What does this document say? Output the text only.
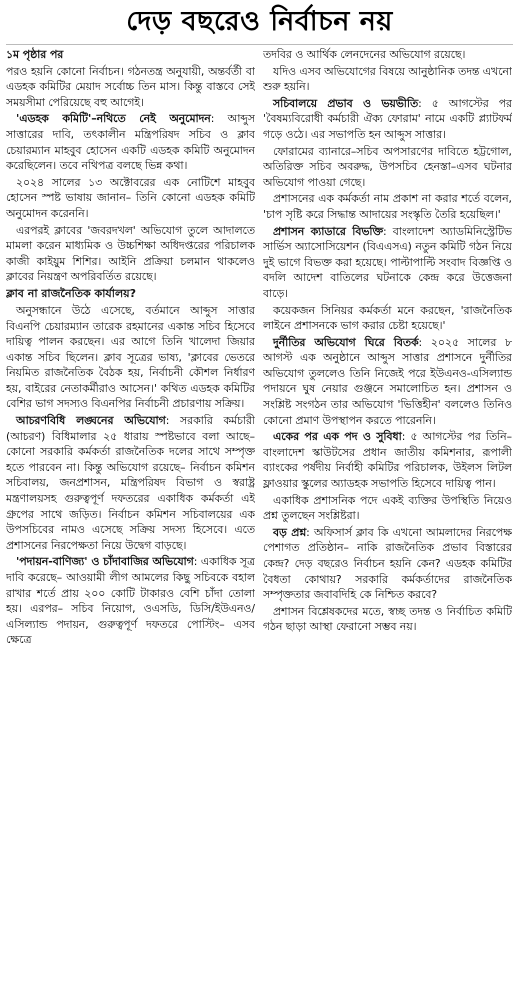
দেড় বছরেও নির্বাচন নয়

১ম পৃষ্ঠার পর

পরও হয়নি কোনো নির্বাচন। গঠনতন্ত্র অনুযায়ী, অন্তর্বর্তী বা এডহক কমিটির মেয়াদ সর্বোচ্চ তিন মাস। কিন্তু বাস্তবে সেই সময়সীমা পেরিয়েছে বহু আগেই।

'এডহক কমিটি'–নথিতে নেই অনুমোদন: আব্দুস সাত্তারের দাবি, তৎকালীন মন্ত্রিপরিষদ সচিব ও ক্লাব চেয়ারম্যান মাহবুব হোসেন একটি এডহক কমিটি অনুমোদন করেছিলেন। তবে নথিপত্র বলছে ভিন্ন কথা।

২০২৪ সালের ১৩ অক্টোবরের এক নোটিশে মাহবুব হোসেন স্পষ্ট ভাষায় জানান– তিনি কোনো এডহক কমিটি অনুমোদন করেননি।

এরপরই ক্লাবের 'জবরদখল' অভিযোগ তুলে আদালতে মামলা করেন মাধ্যমিক ও উচ্চশিক্ষা অধিদপ্তরের পরিচালক কাজী কাইয়ুম শিশির। আইনি প্রক্রিয়া চলমান থাকলেও ক্লাবের নিয়ন্ত্রণ অপরিবর্তিত রয়েছে।

ক্লাব না রাজনৈতিক কার্যালয়?

অনুসন্ধানে উঠে এসেছে, বর্তমানে আব্দুস সাত্তার বিএনপি চেয়ারম্যান তারেক রহমানের একান্ত সচিব হিসেবে দায়িত্ব পালন করছেন। এর আগে তিনি খালেদা জিয়ার একান্ত সচিব ছিলেন। ক্লাব সূত্রের ভাষ্য, 'ক্লাবের ভেতরে নিয়মিত রাজনৈতিক বৈঠক হয়, নির্বাচনী কৌশল নির্ধারণ হয়, বাইরের নেতাকর্মীরাও আসেন।' কথিত এডহক কমিটির বেশির ভাগ সদস্যও বিএনপির নির্বাচনী প্রচারণায় সক্রিয়।

আচরণবিধি লঙ্ঘনের অভিযোগ: সরকারি কর্মচারী (আচরণ) বিধিমালার ২৫ ধারায় স্পষ্টভাবে বলা আছে– কোনো সরকারি কর্মকর্তা রাজনৈতিক দলের সাথে সম্পৃক্ত হতে পারবেন না। কিন্তু অভিযোগ রয়েছে– নির্বাচন কমিশন সচিবালয়, জনপ্রশাসন, মন্ত্রিপরিষদ বিভাগ ও স্বরাষ্ট্র মন্ত্রণালয়সহ গুরুত্বপূর্ণ দফতরের একাধিক কর্মকর্তা এই গ্রুপের সাথে জড়িত। নির্বাচন কমিশন সচিবালয়ের এক উপসচিবের নামও এসেছে সক্রিয় সদস্য হিসেবে। এতে প্রশাসনের নিরপেক্ষতা নিয়ে উদ্বেগ বাড়ছে।

'পদায়ন-বাণিজ্য' ও চাঁদাবাজির অভিযোগ: একাধিক সূত্র দাবি করেছে– আওয়ামী লীগ আমলের কিছু সচিবকে বহাল রাখার শর্তে প্রায় ২০০ কোটি টাকারও বেশি চাঁদা তোলা হয়। এরপর– সচিব নিয়োগ, ওএসডি, ডিসি/ইউএনও/এসিল্যান্ড পদায়ন, গুরুত্বপূর্ণ দফতরে পোস্টিং– এসব ক্ষেত্রে

তদবির ও আর্থিক লেনদেনের অভিযোগ রয়েছে।

যদিও এসব অভিযোগের বিষয়ে আনুষ্ঠানিক তদন্ত এখনো শুরু হয়নি।

সচিবালয়ে প্রভাব ও ভয়ভীতি: ৫ আগস্টের পর 'বৈষম্যবিরোধী কর্মচারী ঐক্য ফোরাম' নামে একটি প্ল্যাটফর্ম গড়ে ওঠে। এর সভাপতি হন আব্দুস সাত্তার।

ফোরামের ব্যানারে–সচিব অপসারণের দাবিতে হট্টগোল, অতিরিক্ত সচিব অবরুদ্ধ, উপসচিব হেনস্তা–এসব ঘটনার অভিযোগ পাওয়া গেছে।

প্রশাসনের এক কর্মকর্তা নাম প্রকাশ না করার শর্তে বলেন, 'চাপ সৃষ্টি করে সিদ্ধান্ত আদায়ের সংস্কৃতি তৈরি হয়েছিল।'

প্রশাসন ক্যাডারে বিভক্তি: বাংলাদেশ অ্যাডমিনিস্ট্রেটিভ সার্ভিস অ্যাসোসিয়েশন (বিএএসএ) নতুন কমিটি গঠন নিয়ে দুই ভাগে বিভক্ত করা হয়েছে। পাল্টাপাল্টি সংবাদ বিজ্ঞপ্তি ও বদলি আদেশ বাতিলের ঘটনাকে কেন্দ্র করে উত্তেজনা বাড়ে।

কয়েকজন সিনিয়র কর্মকর্তা মনে করছেন, 'রাজনৈতিক লাইনে প্রশাসনকে ভাগ করার চেষ্টা হয়েছে।'

দুর্নীতির অভিযোগ ঘিরে বিতর্ক: ২০২৫ সালের ৮ আগস্ট এক অনুষ্ঠানে আব্দুস সাত্তার প্রশাসনে দুর্নীতির অভিযোগ তুললেও তিনি নিজেই পরে ইউএনও-এসিল্যান্ড পদায়নে ঘুষ নেয়ার গুঞ্জনে সমালোচিত হন। প্রশাসন ও সংশ্লিষ্ট সংগঠন তার অভিযোগ 'ভিত্তিহীন' বললেও তিনিও কোনো প্রমাণ উপস্থাপন করতে পারেননি।

একের পর এক পদ ও সুবিধা: ৫ আগস্টের পর তিনি– বাংলাদেশ স্কাউটসের প্রধান জাতীয় কমিশনার, রূপালী ব্যাংকের পর্ষদীয় নির্বাহী কমিটির পরিচালক, উইলস লিটল ফ্লাওয়ার স্কুলের অ্যাডহক সভাপতি হিসেবে দায়িত্ব পান।

একাধিক প্রশাসনিক পদে একই ব্যক্তির উপস্থিতি নিয়েও প্রশ্ন তুলছেন সংশ্লিষ্টরা।

বড় প্রশ্ন: অফিসার্স ক্লাব কি এখনো আমলাদের নিরপেক্ষ পেশাগত প্রতিষ্ঠান– নাকি রাজনৈতিক প্রভাব বিস্তারের কেন্দ্র? দেড় বছরেও নির্বাচন হয়নি কেন? এডহক কমিটির বৈধতা কোথায়? সরকারি কর্মকর্তাদের রাজনৈতিক সম্পৃক্ততার জবাবদিহি কে নিশ্চিত করবে?

প্রশাসন বিশ্লেষকদের মতে, স্বচ্ছ তদন্ত ও নির্বাচিত কমিটি গঠন ছাড়া আস্থা ফেরানো সম্ভব নয়।
